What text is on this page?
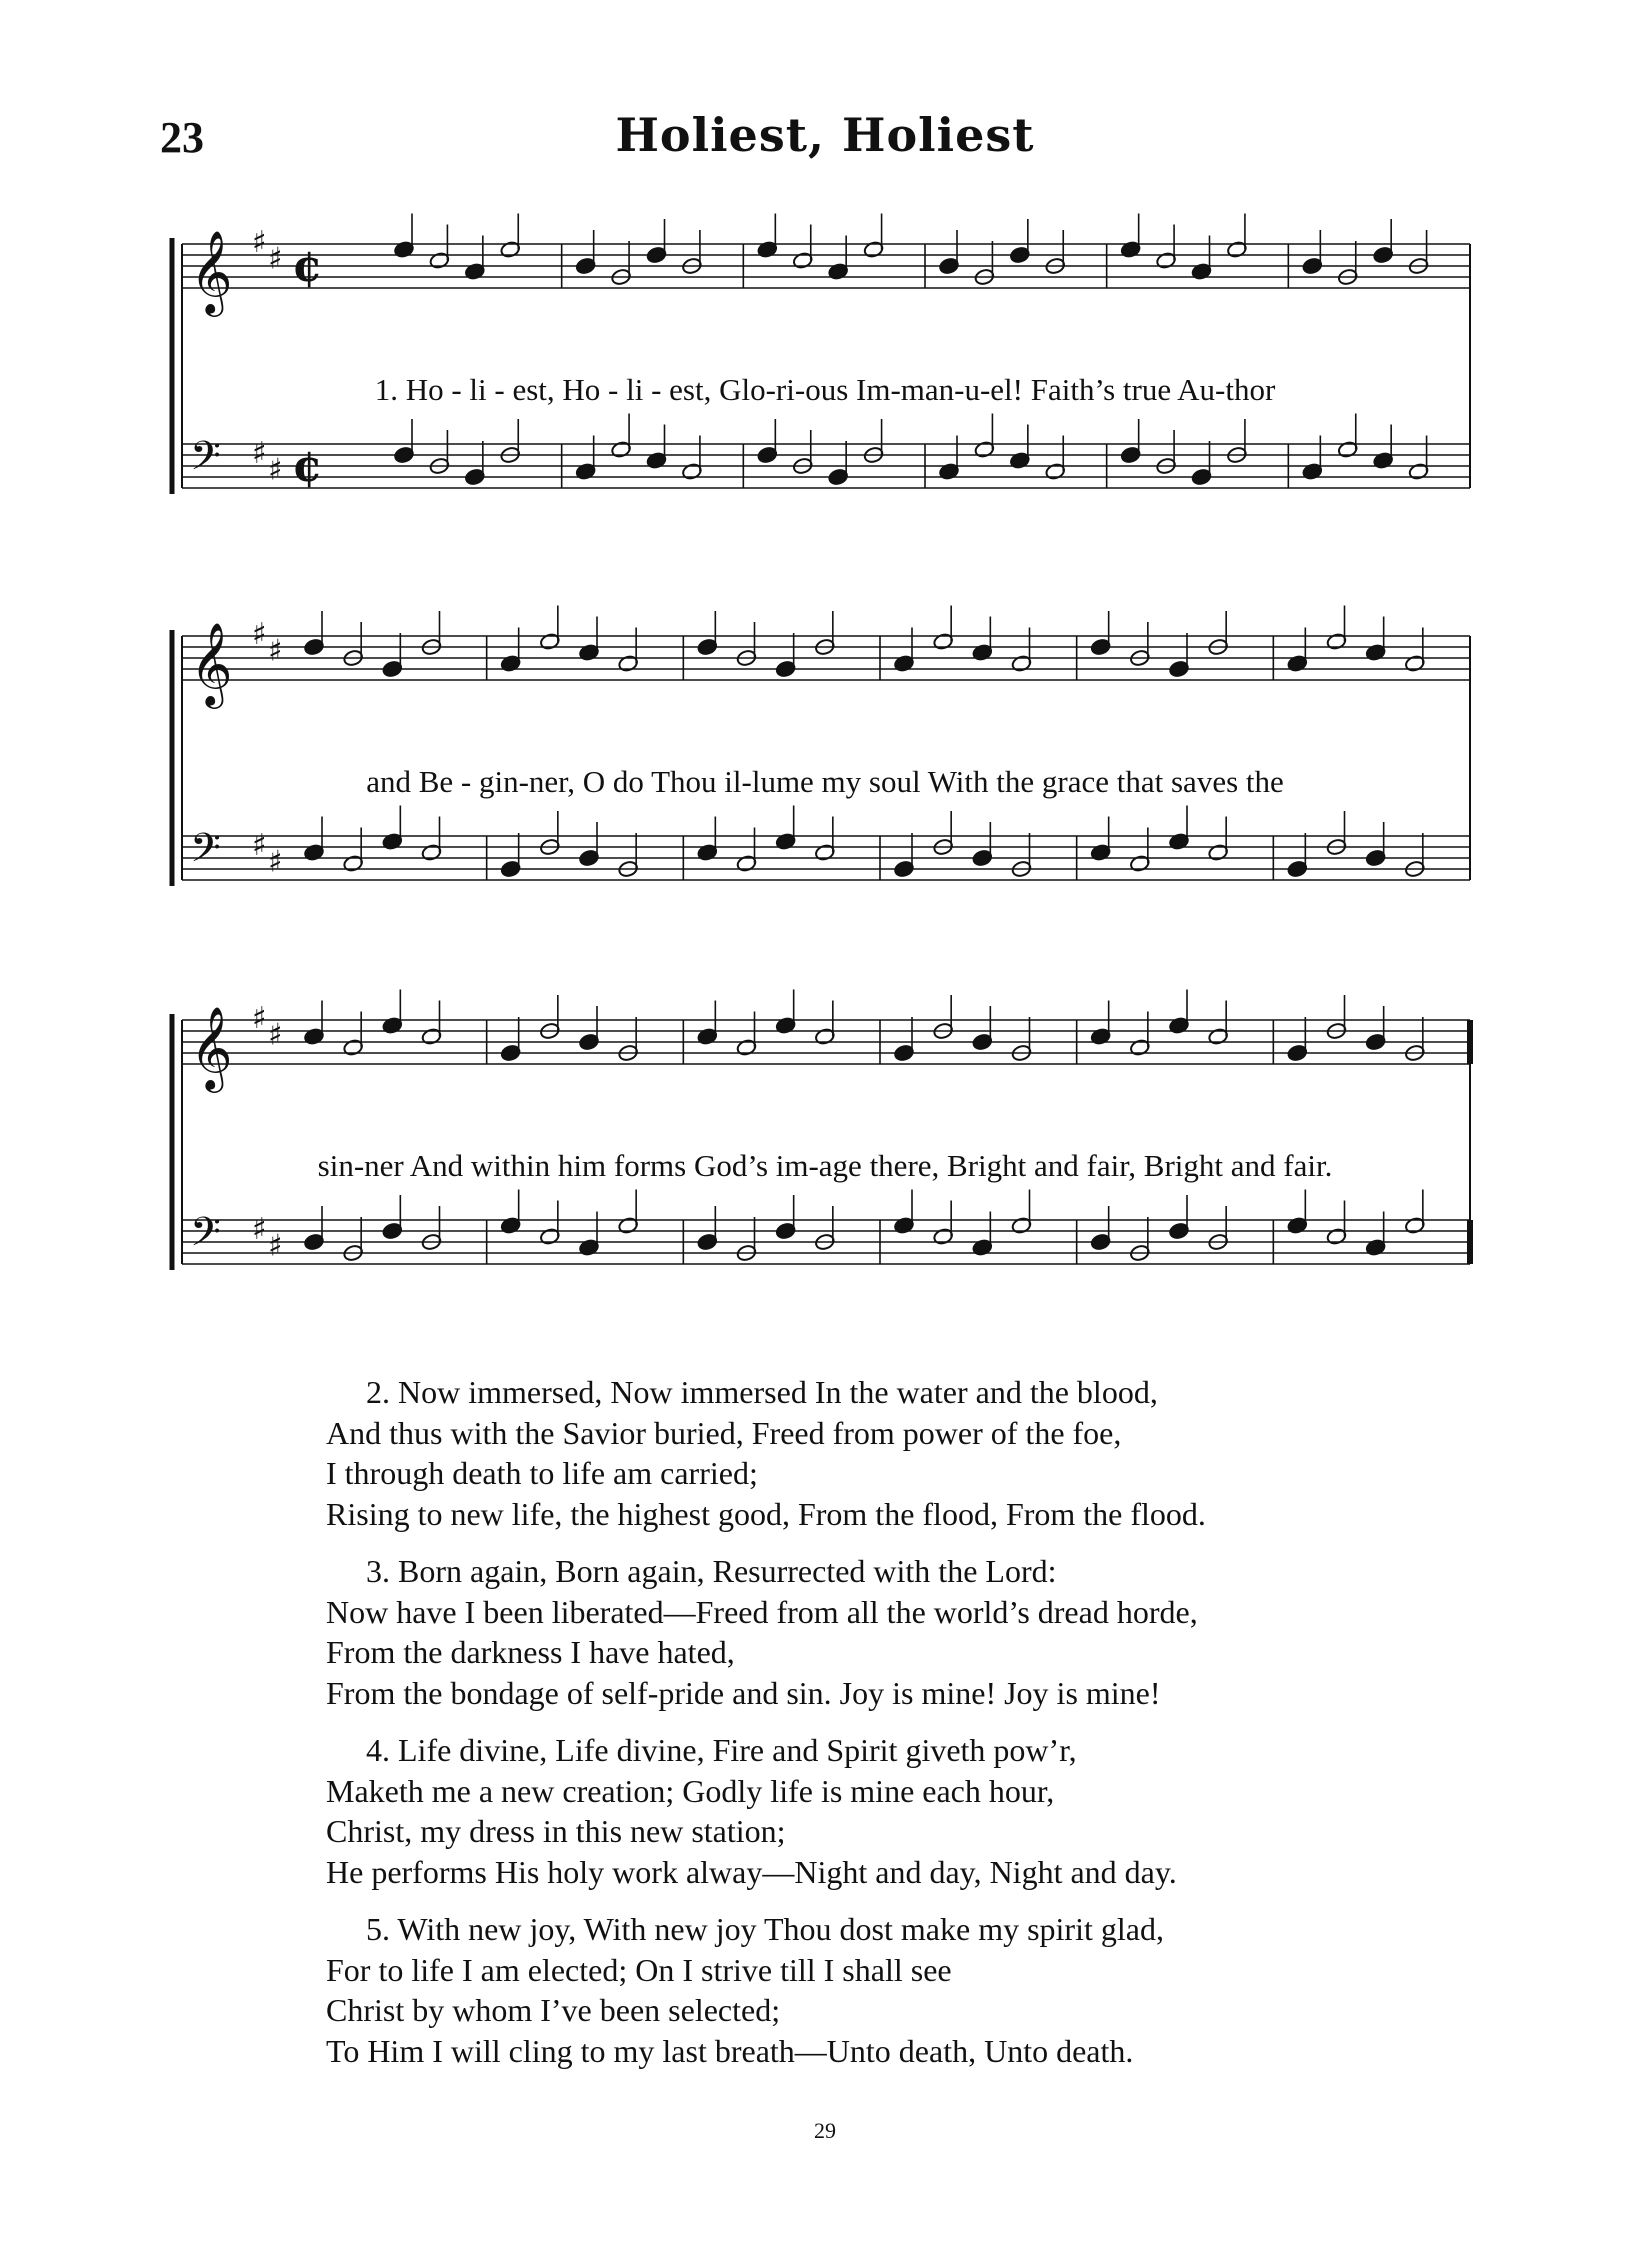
23	Holiest, Holiest
𝄞 ♯ ♯ ¢
𝄢 ♯ ♯ ¢
1. Ho - li - est, Ho - li - est, Glo-ri-ous Im-man-u-el! Faith’s true Au-thor
𝄞 ♯ ♯
𝄢 ♯ ♯
and Be - gin-ner, O do Thou il-lume my soul With the grace that saves the
𝄞 ♯ ♯
𝄢 ♯ ♯
sin-ner And within him forms God’s im-age there, Bright and fair, Bright and fair.
2. Now immersed, Now immersed In the water and the blood,
And thus with the Savior buried, Freed from power of the foe,
I through death to life am carried;
Rising to new life, the highest good, From the flood, From the flood.
3. Born again, Born again, Resurrected with the Lord:
Now have I been liberated—Freed from all the world’s dread horde,
From the darkness I have hated,
From the bondage of self-pride and sin. Joy is mine! Joy is mine!
4. Life divine, Life divine, Fire and Spirit giveth pow’r,
Maketh me a new creation; Godly life is mine each hour,
Christ, my dress in this new station;
He performs His holy work alway—Night and day, Night and day.
5. With new joy, With new joy Thou dost make my spirit glad,
For to life I am elected; On I strive till I shall see
Christ by whom I’ve been selected;
To Him I will cling to my last breath—Unto death, Unto death.
29
